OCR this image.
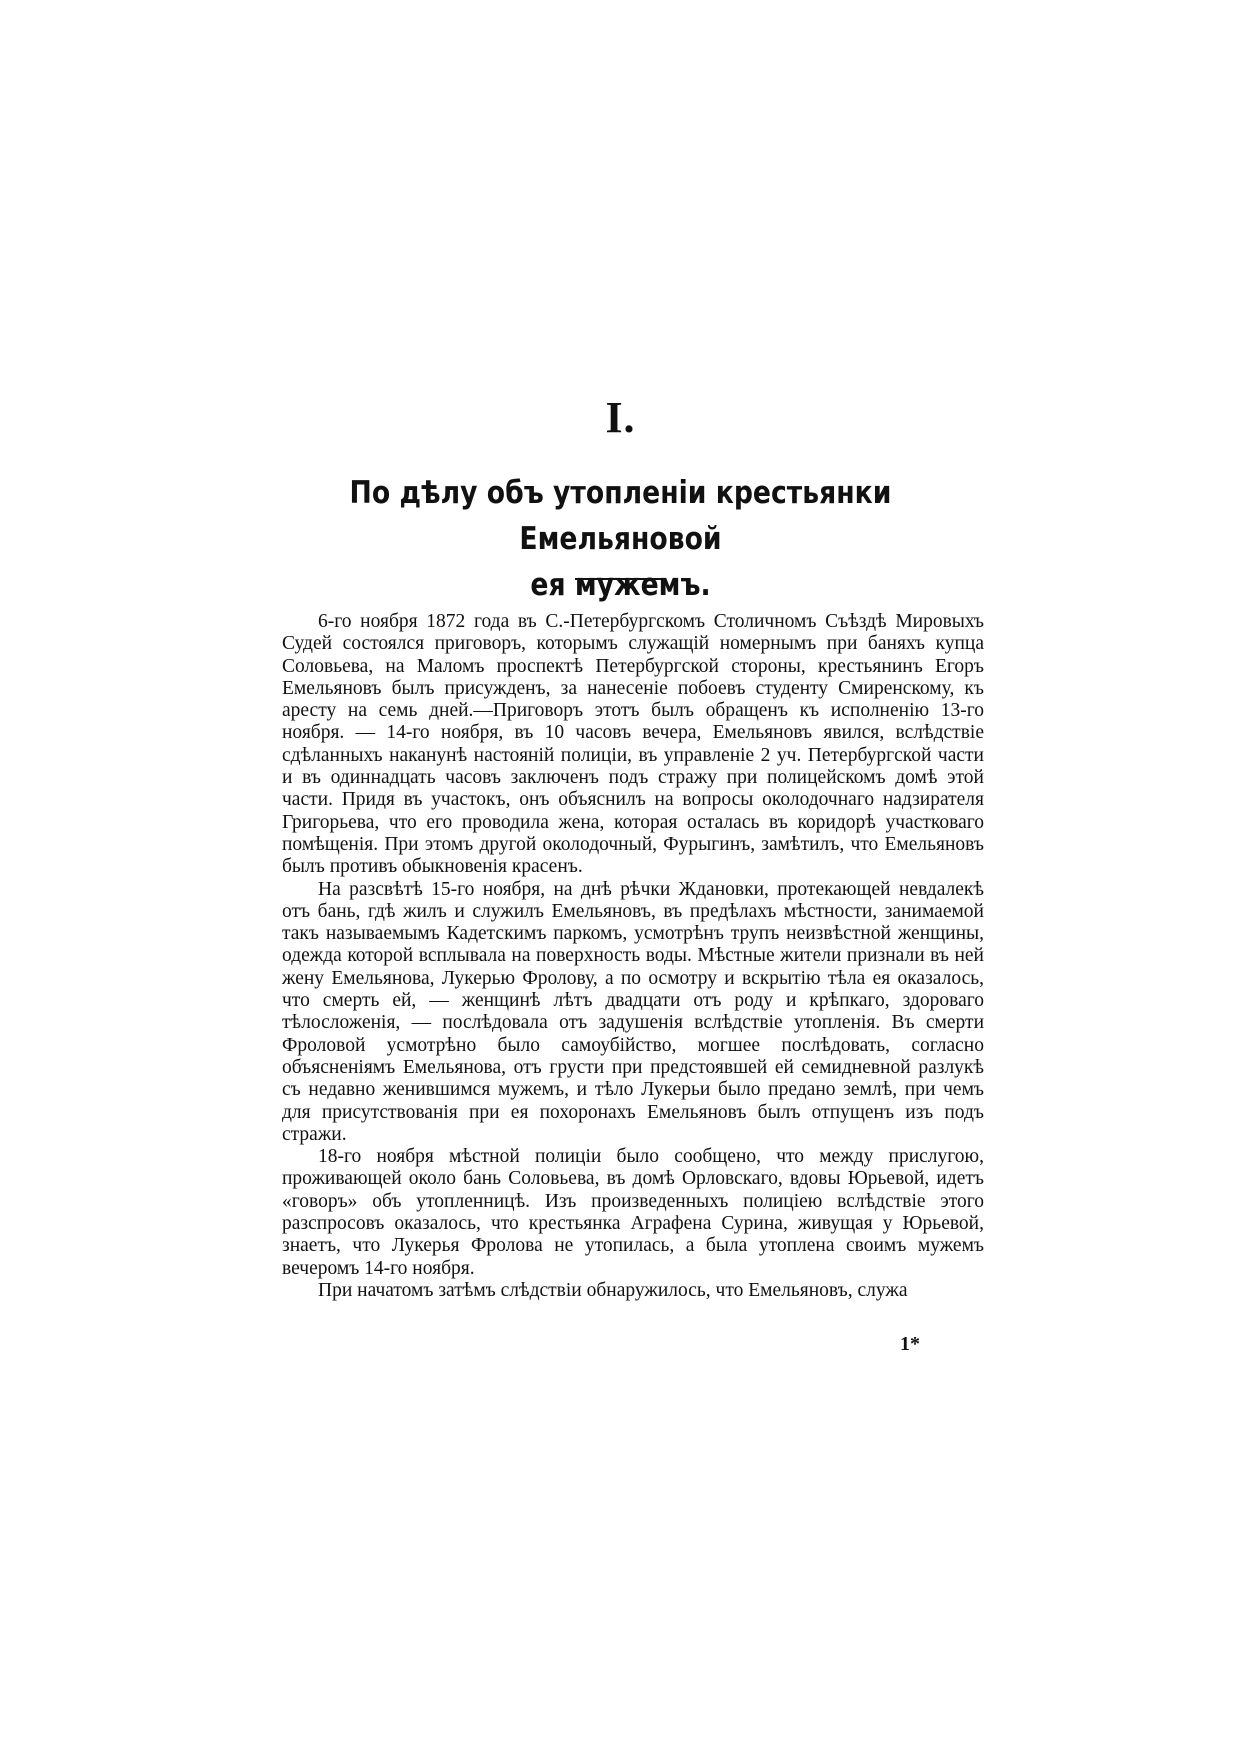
I.
По дѣлу объ утопленіи крестьянки Емельяновой
ея мужемъ.

6-го ноября 1872 года въ С.-Петербургскомъ Столичномъ Съѣздѣ Мировыхъ Судей состоялся приговоръ, которымъ служащій номернымъ при баняхъ купца Соловьева, на Маломъ проспектѣ Петербургской стороны, крестьянинъ Егоръ Емельяновъ былъ присужденъ, за нанесеніе побоевъ студенту Смиренскому, къ аресту на семь дней.—Приговоръ этотъ былъ обращенъ къ исполненію 13-го ноября. — 14-го ноября, въ 10 часовъ вечера, Емельяновъ явился, вслѣдствіе сдѣланныхъ наканунѣ настояній полиціи, въ управленіе 2 уч. Петербургской части и въ одиннадцать часовъ заключенъ подъ стражу при полицейскомъ домѣ этой части. Придя въ участокъ, онъ объяснилъ на вопросы околодочнаго надзирателя Григорьева, что его проводила жена, которая осталась въ коридорѣ участковаго помѣщенія. При этомъ другой околодочный, Фурыгинъ, замѣтилъ, что Емельяновъ былъ противъ обыкновенія красенъ.

На разсвѣтѣ 15-го ноября, на днѣ рѣчки Ждановки, протекающей невдалекѣ отъ бань, гдѣ жилъ и служилъ Емельяновъ, въ предѣлахъ мѣстности, занимаемой такъ называемымъ Кадетскимъ паркомъ, усмотрѣнъ трупъ неизвѣстной женщины, одежда которой всплывала на поверхность воды. Мѣстные жители признали въ ней жену Емельянова, Лукерью Фролову, а по осмотру и вскрытію тѣла ея оказалось, что смерть ей, — женщинѣ лѣтъ двадцати отъ роду и крѣпкаго, здороваго тѣлосложенія, — послѣдовала отъ задушенія вслѣдствіе утопленія. Въ смерти Фроловой усмотрѣно было самоубійство, могшее послѣдовать, согласно объясненіямъ Емельянова, отъ грусти при предстоявшей ей семидневной разлукѣ съ недавно женившимся мужемъ, и тѣло Лукерьи было предано землѣ, при чемъ для присутствованія при ея похоронахъ Емельяновъ былъ отпущенъ изъ подъ стражи.

18-го ноября мѣстной полиціи было сообщено, что между прислугою, проживающей около бань Соловьева, въ домѣ Орловскаго, вдовы Юрьевой, идетъ «говоръ» объ утопленницѣ. Изъ произведенныхъ полиціею вслѣдствіе этого разспросовъ оказалось, что крестьянка Аграфена Сурина, живущая у Юрьевой, знаетъ, что Лукерья Фролова не утопилась, а была утоплена своимъ мужемъ вечеромъ 14-го ноября.

При начатомъ затѣмъ слѣдствіи обнаружилось, что Емельяновъ, служа

1*
